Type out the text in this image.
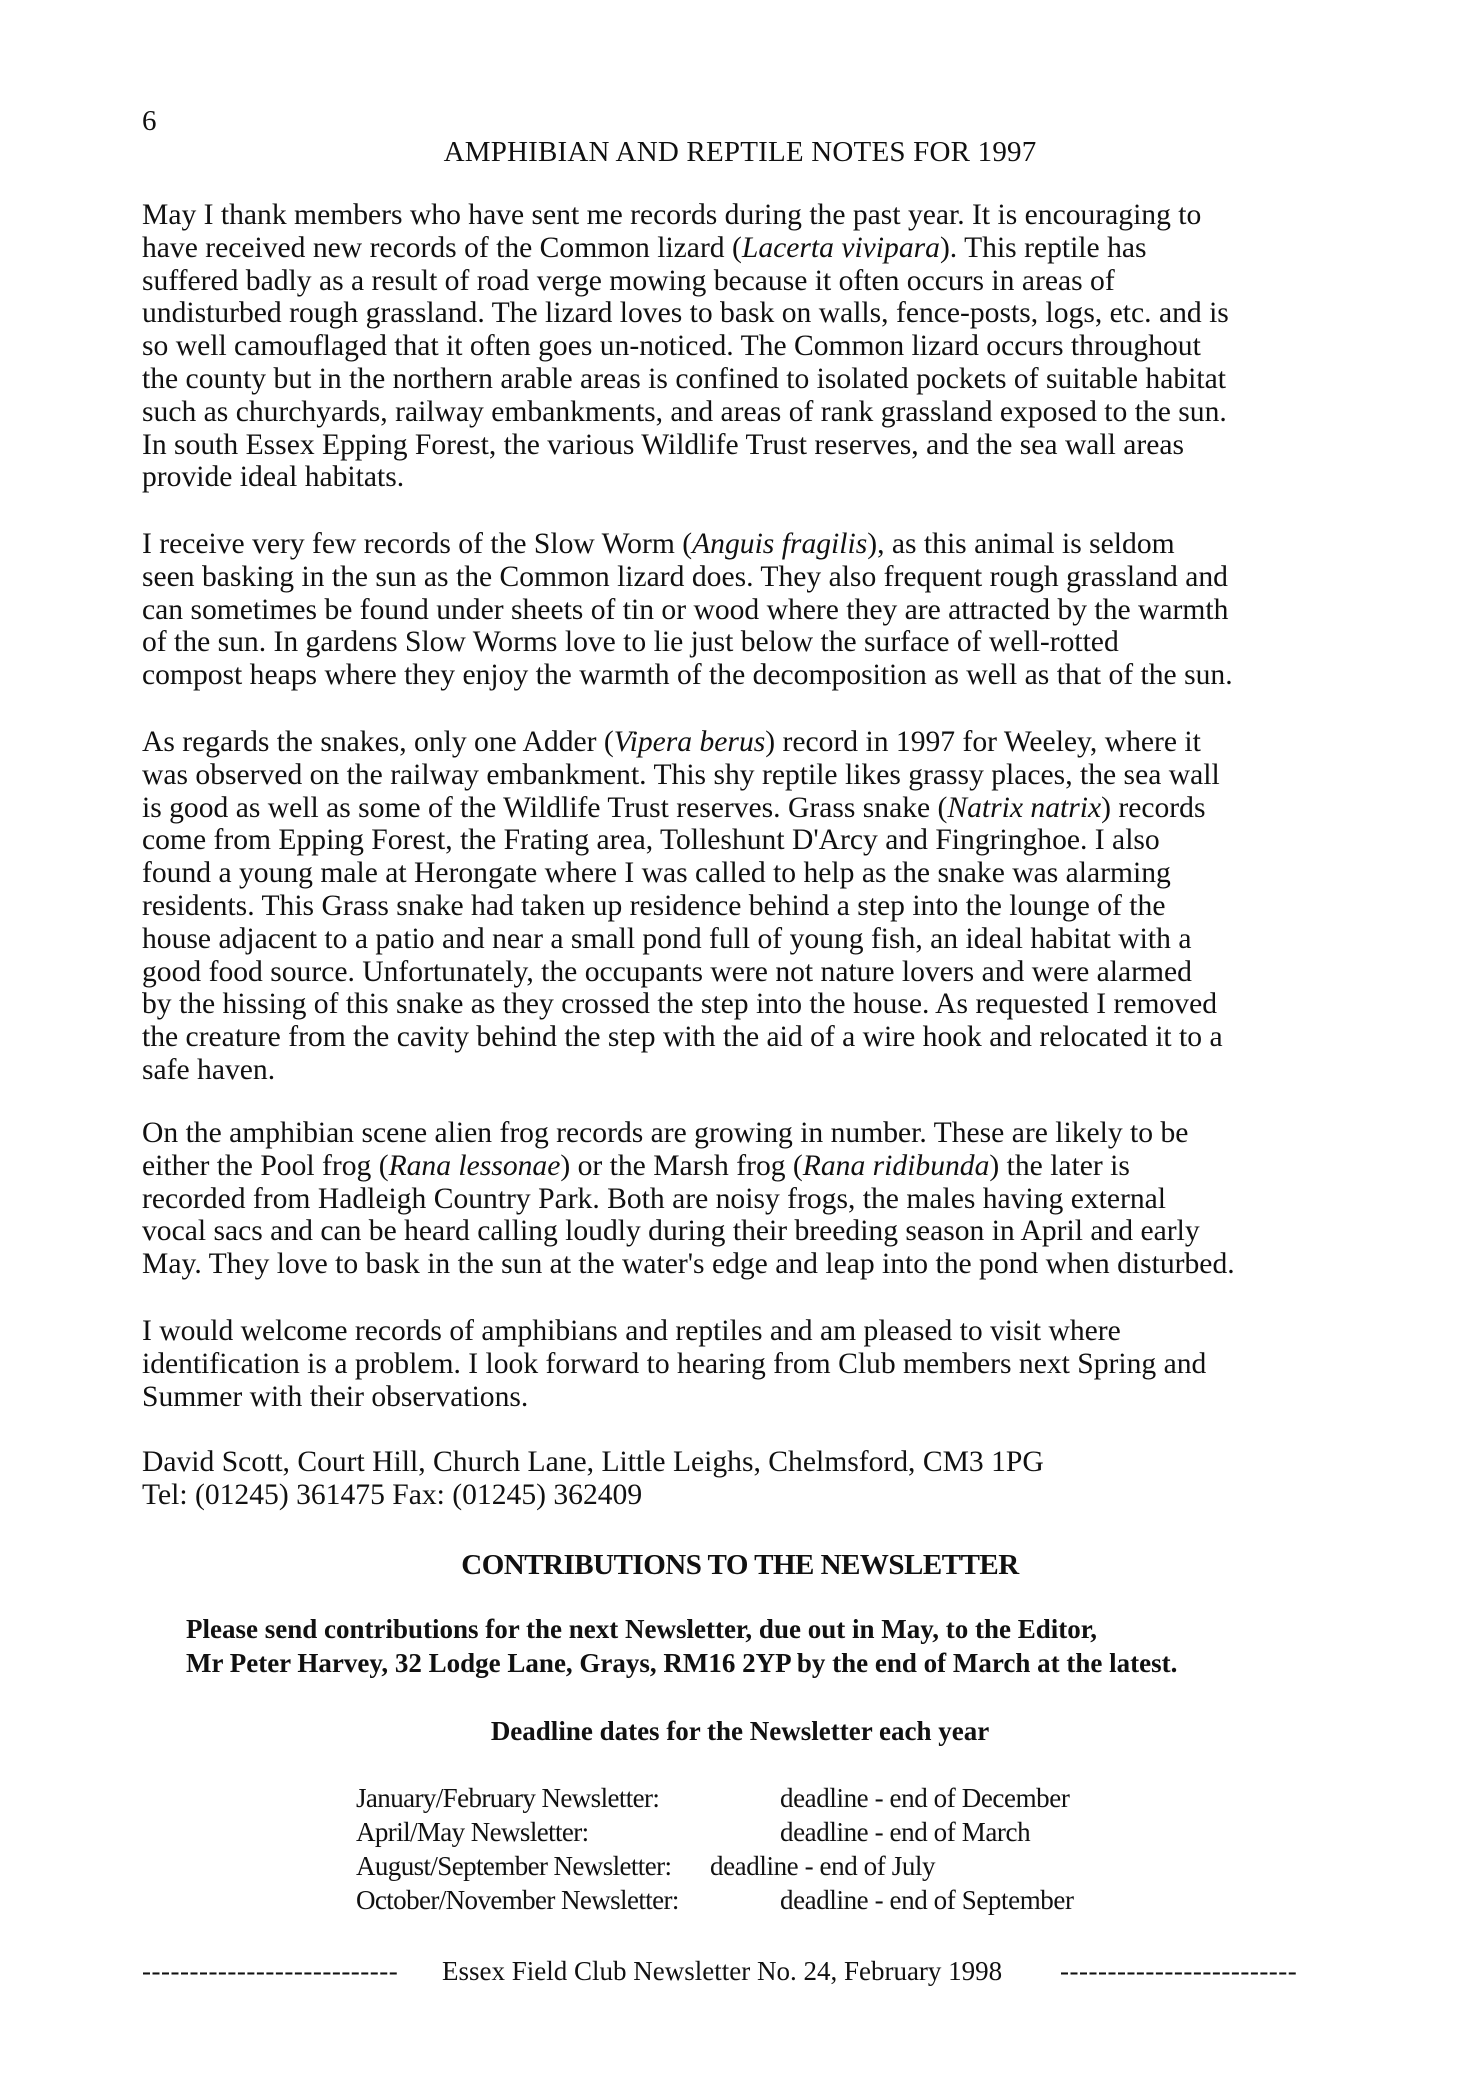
6
AMPHIBIAN AND REPTILE NOTES FOR 1997
May I thank members who have sent me records during the past year. It is encouraging to
have received new records of the Common lizard (Lacerta vivipara). This reptile has
suffered badly as a result of road verge mowing because it often occurs in areas of
undisturbed rough grassland. The lizard loves to bask on walls, fence-posts, logs, etc. and is
so well camouflaged that it often goes un-noticed. The Common lizard occurs throughout
the county but in the northern arable areas is confined to isolated pockets of suitable habitat
such as churchyards, railway embankments, and areas of rank grassland exposed to the sun.
In south Essex Epping Forest, the various Wildlife Trust reserves, and the sea wall areas
provide ideal habitats.
I receive very few records of the Slow Worm (Anguis fragilis), as this animal is seldom
seen basking in the sun as the Common lizard does. They also frequent rough grassland and
can sometimes be found under sheets of tin or wood where they are attracted by the warmth
of the sun. In gardens Slow Worms love to lie just below the surface of well-rotted
compost heaps where they enjoy the warmth of the decomposition as well as that of the sun.
As regards the snakes, only one Adder (Vipera berus) record in 1997 for Weeley, where it
was observed on the railway embankment. This shy reptile likes grassy places, the sea wall
is good as well as some of the Wildlife Trust reserves. Grass snake (Natrix natrix) records
come from Epping Forest, the Frating area, Tolleshunt D'Arcy and Fingringhoe. I also
found a young male at Herongate where I was called to help as the snake was alarming
residents. This Grass snake had taken up residence behind a step into the lounge of the
house adjacent to a patio and near a small pond full of young fish, an ideal habitat with a
good food source. Unfortunately, the occupants were not nature lovers and were alarmed
by the hissing of this snake as they crossed the step into the house. As requested I removed
the creature from the cavity behind the step with the aid of a wire hook and relocated it to a
safe haven.
On the amphibian scene alien frog records are growing in number. These are likely to be
either the Pool frog (Rana lessonae) or the Marsh frog (Rana ridibunda) the later is
recorded from Hadleigh Country Park. Both are noisy frogs, the males having external
vocal sacs and can be heard calling loudly during their breeding season in April and early
May. They love to bask in the sun at the water's edge and leap into the pond when disturbed.
I would welcome records of amphibians and reptiles and am pleased to visit where
identification is a problem. I look forward to hearing from Club members next Spring and
Summer with their observations.
David Scott, Court Hill, Church Lane, Little Leighs, Chelmsford, CM3 1PG
Tel: (01245) 361475 Fax: (01245) 362409
CONTRIBUTIONS TO THE NEWSLETTER
Please send contributions for the next Newsletter, due out in May, to the Editor,
Mr Peter Harvey, 32 Lodge Lane, Grays, RM16 2YP by the end of March at the latest.
Deadline dates for the Newsletter each year
January/February Newsletter:	deadline - end of December
April/May Newsletter:	deadline - end of March
August/September Newsletter: deadline - end of July
October/November Newsletter:	deadline - end of September
--------------------------- Essex Field Club Newsletter No. 24, February 1998 -------------------------
